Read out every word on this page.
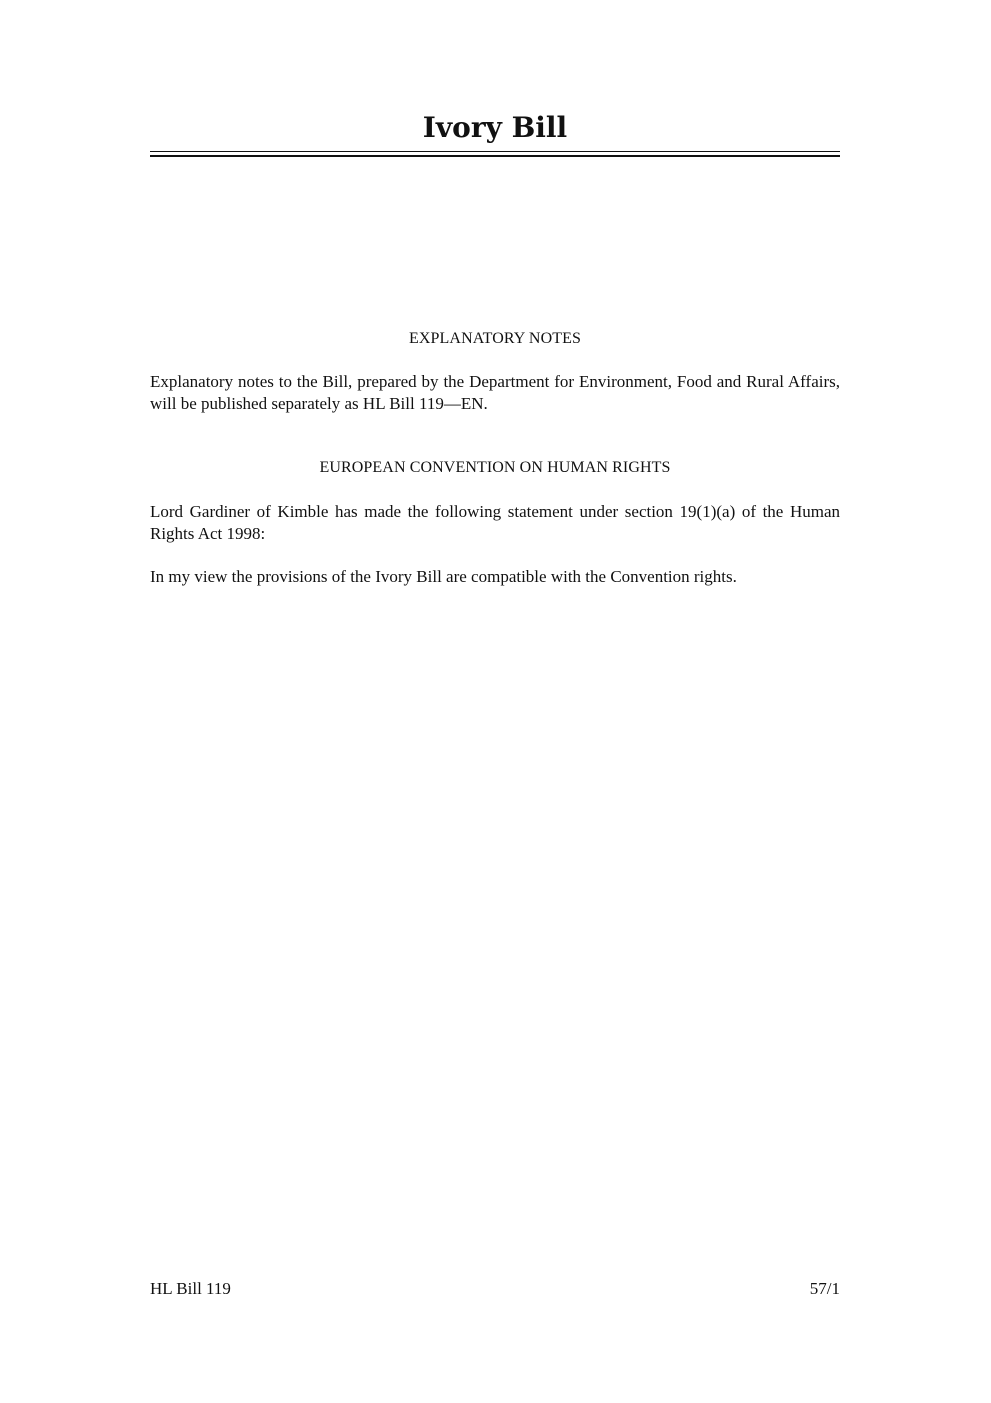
Ivory Bill
EXPLANATORY NOTES
Explanatory notes to the Bill, prepared by the Department for Environment, Food and Rural Affairs, will be published separately as HL Bill 119—EN.
EUROPEAN CONVENTION ON HUMAN RIGHTS
Lord Gardiner of Kimble has made the following statement under section 19(1)(a) of the Human Rights Act 1998:
In my view the provisions of the Ivory Bill are compatible with the Convention rights.
HL Bill 119	57/1
